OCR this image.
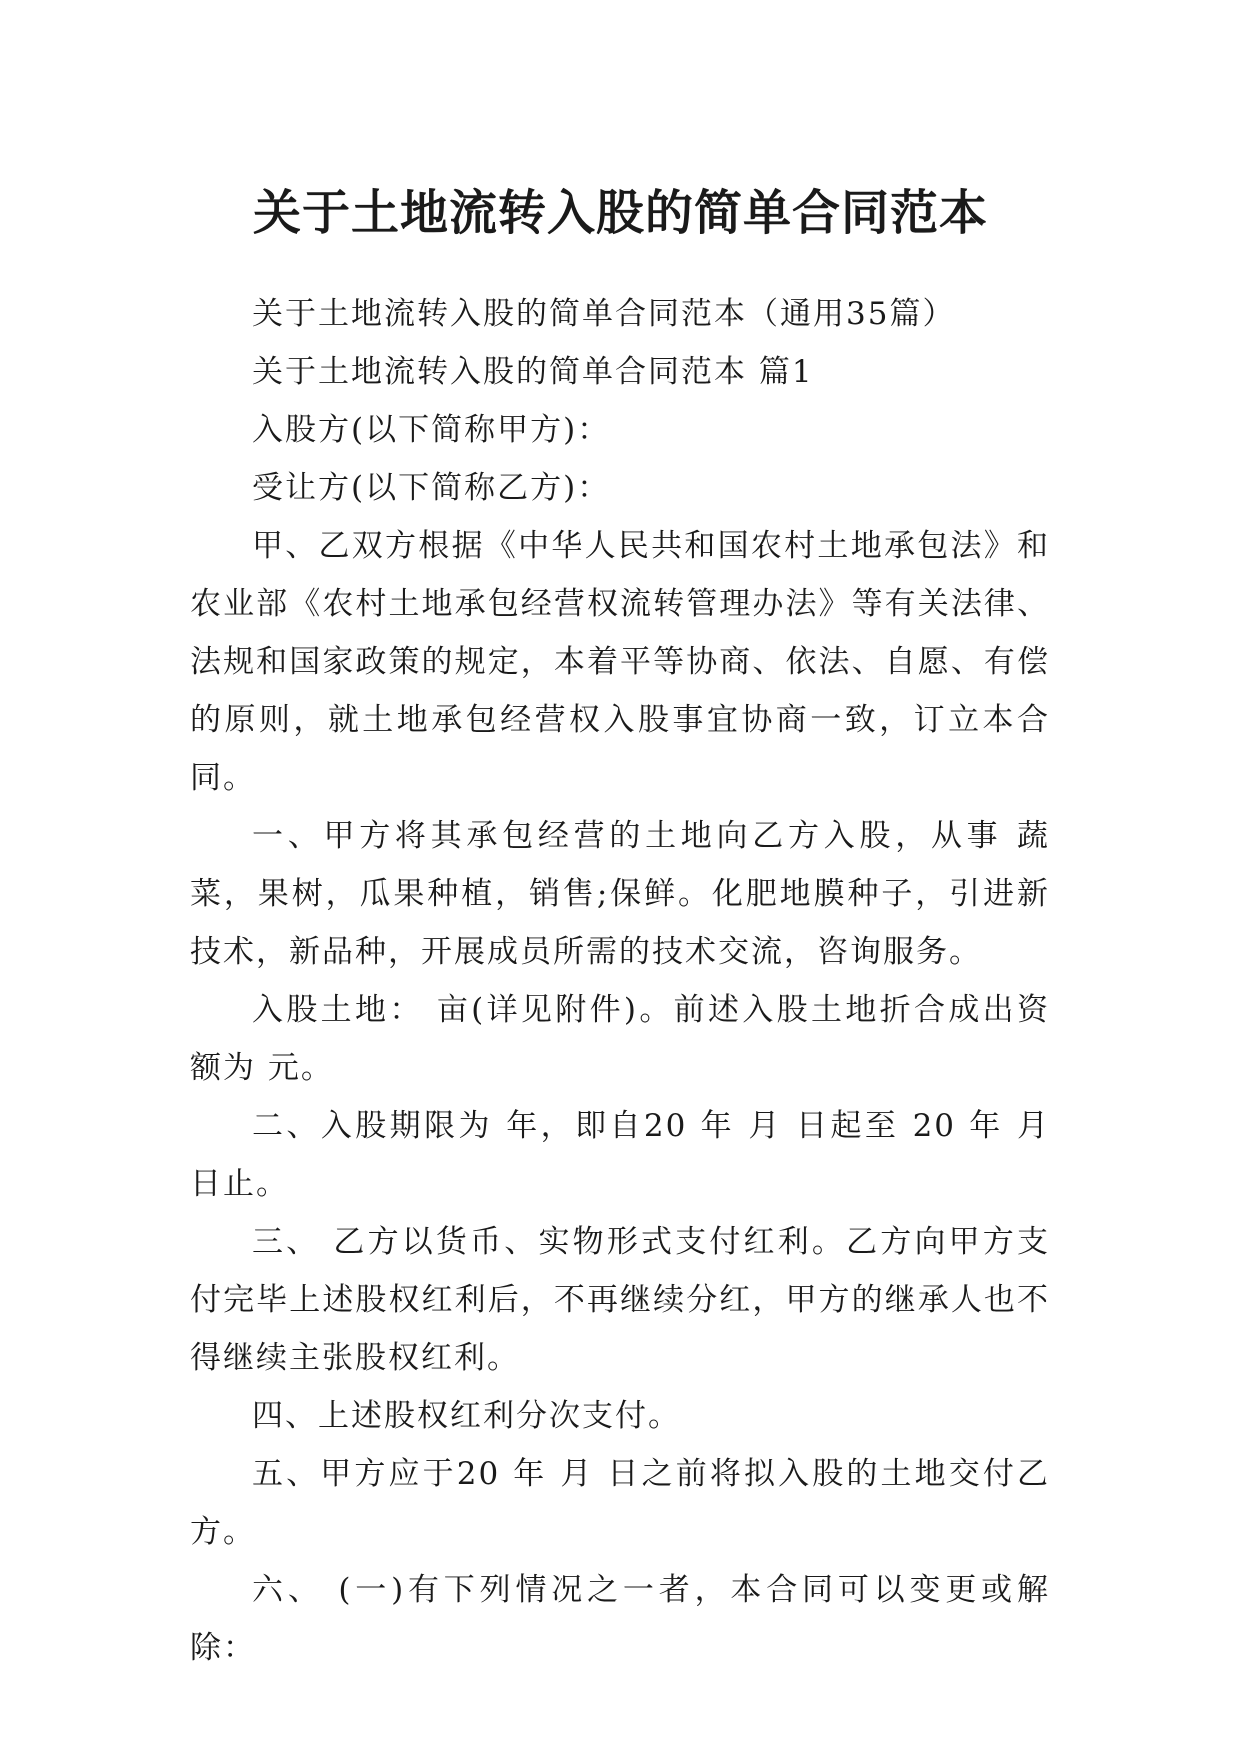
关于土地流转入股的简单合同范本

关于土地流转入股的简单合同范本（通用35篇）

关于土地流转入股的简单合同范本 篇1

入股方(以下简称甲方)：

受让方(以下简称乙方)：

甲、乙双方根据《中华人民共和国农村土地承包法》和农业部《农村土地承包经营权流转管理办法》等有关法律、法规和国家政策的规定，本着平等协商、依法、自愿、有偿的原则，就土地承包经营权入股事宜协商一致，订立本合同。

一、甲方将其承包经营的土地向乙方入股，从事 蔬菜，果树，瓜果种植，销售;保鲜。化肥地膜种子，引进新技术，新品种，开展成员所需的技术交流，咨询服务。

入股土地： 亩(详见附件)。前述入股土地折合成出资额为 元。

二、入股期限为 年，即自20 年 月 日起至 20 年 月 日止。

三、 乙方以货币、实物形式支付红利。乙方向甲方支付完毕上述股权红利后，不再继续分红，甲方的继承人也不得继续主张股权红利。

四、上述股权红利分次支付。

五、甲方应于20 年 月 日之前将拟入股的土地交付乙方。

六、 (一)有下列情况之一者，本合同可以变更或解除：
